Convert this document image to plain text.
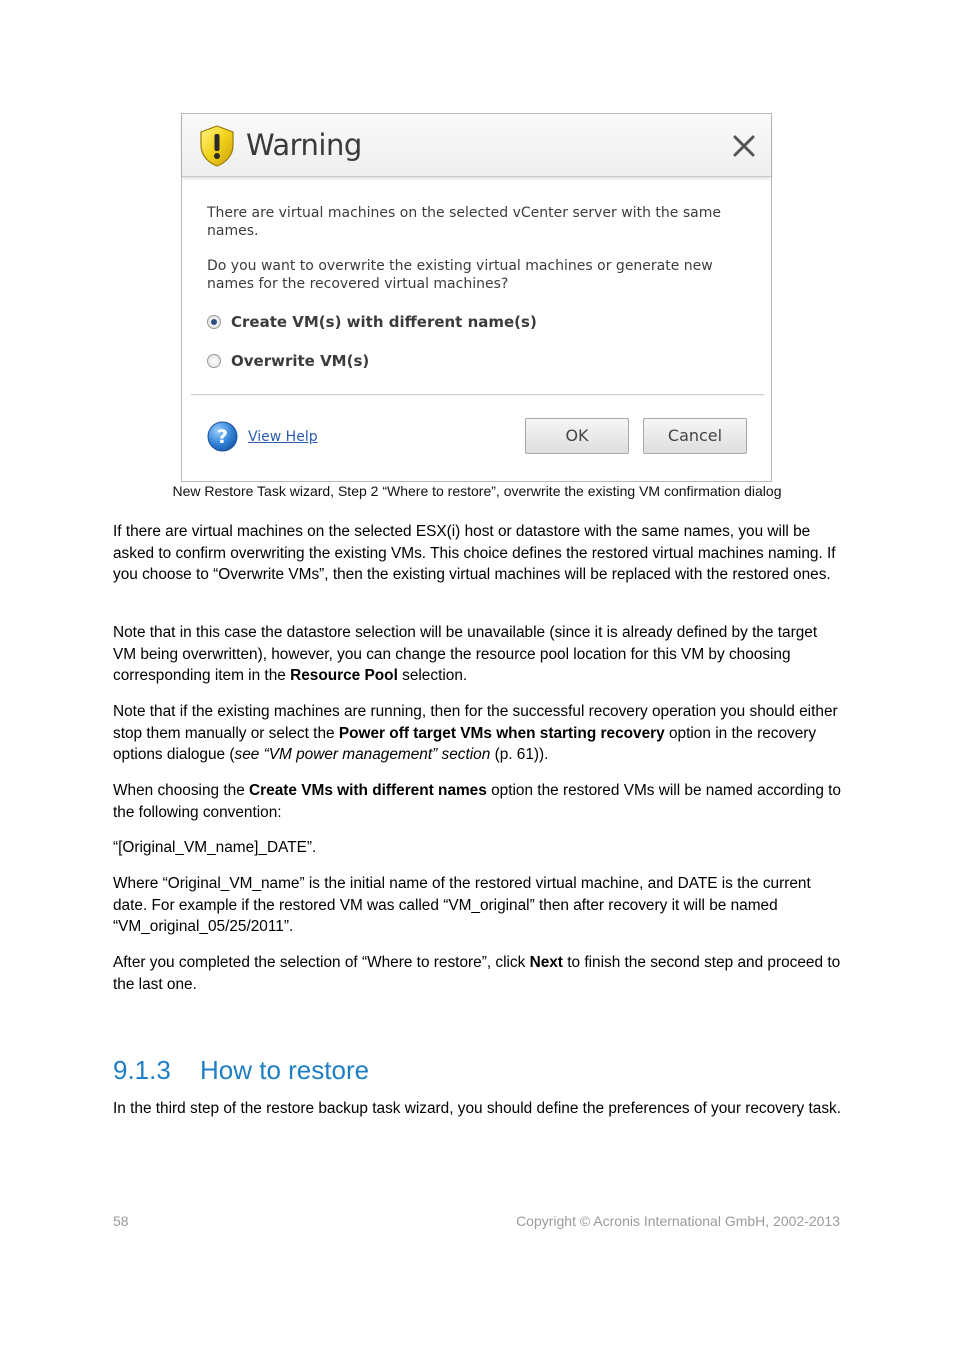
Warning
There are virtual machines on the selected vCenter server with the same names.
Do you want to overwrite the existing virtual machines or generate new names for the recovered virtual machines?
Create VM(s) with different name(s)
Overwrite VM(s)
? View Help	OK	Cancel
New Restore Task wizard, Step 2 “Where to restore”, overwrite the existing VM confirmation dialog

If there are virtual machines on the selected ESX(i) host or datastore with the same names, you will be asked to confirm overwriting the existing VMs. This choice defines the restored virtual machines naming. If you choose to “Overwrite VMs”, then the existing virtual machines will be replaced with the restored ones.

Note that in this case the datastore selection will be unavailable (since it is already defined by the target VM being overwritten), however, you can change the resource pool location for this VM by choosing corresponding item in the Resource Pool selection.

Note that if the existing machines are running, then for the successful recovery operation you should either stop them manually or select the Power off target VMs when starting recovery option in the recovery options dialogue (see “VM power management” section (p. 61)).

When choosing the Create VMs with different names option the restored VMs will be named according to the following convention:

“[Original_VM_name]_DATE”.

Where “Original_VM_name” is the initial name of the restored virtual machine, and DATE is the current date. For example if the restored VM was called “VM_original” then after recovery it will be named “VM_original_05/25/2011”.

After you completed the selection of “Where to restore”, click Next to finish the second step and proceed to the last one.

9.1.3	How to restore

In the third step of the restore backup task wizard, you should define the preferences of your recovery task.

58	Copyright © Acronis International GmbH, 2002-2013
